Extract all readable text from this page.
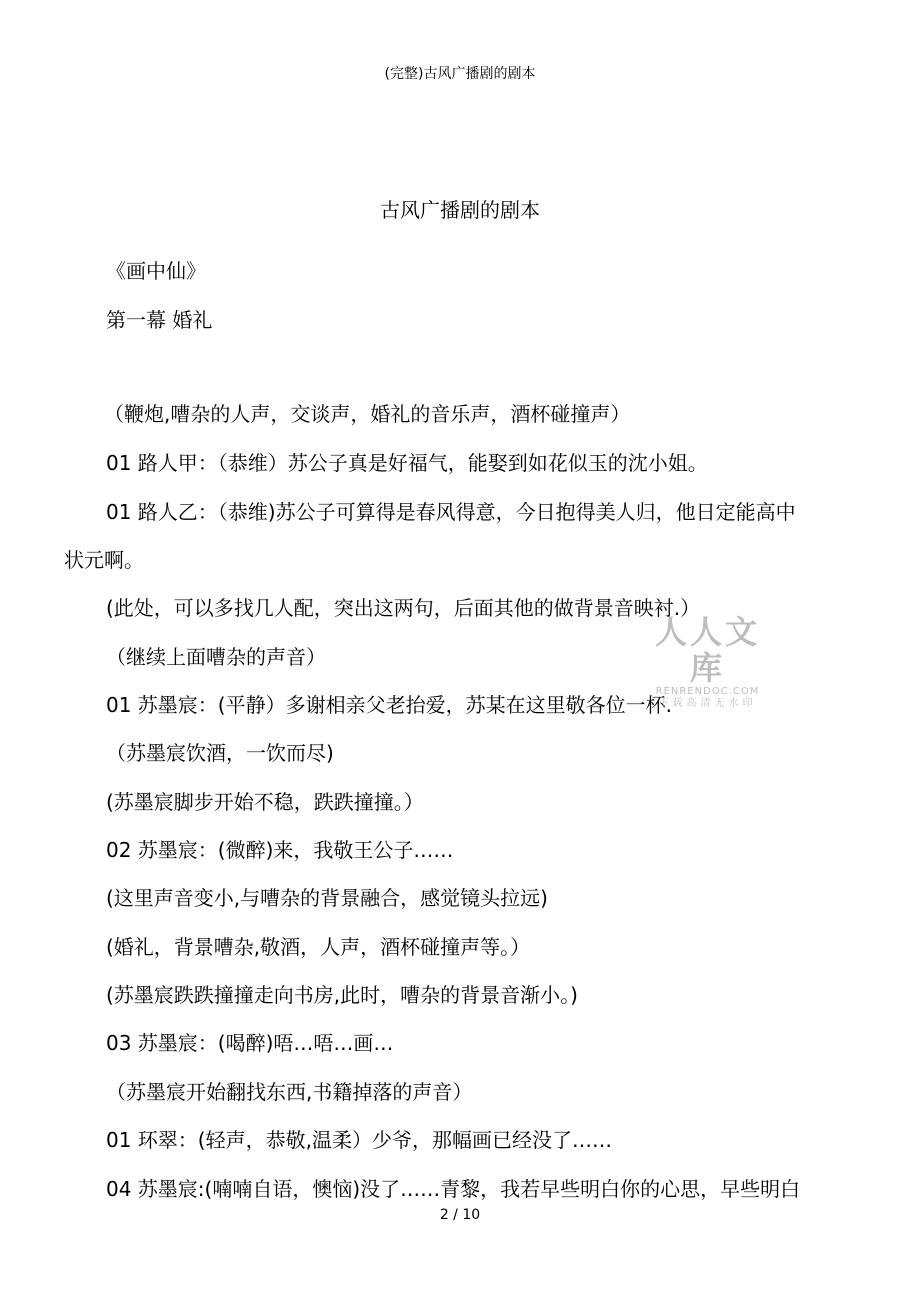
(完整)古风广播剧的剧本
古风广播剧的剧本
《画中仙》
第一幕 婚礼
（鞭炮,嘈杂的人声，交谈声，婚礼的音乐声，酒杯碰撞声）
01 路人甲：（恭维）苏公子真是好福气，能娶到如花似玉的沈小姐。
01 路人乙：（恭维)苏公子可算得是春风得意，今日抱得美人归，他日定能高中
状元啊。
(此处，可以多找几人配，突出这两句，后面其他的做背景音映衬.）
（继续上面嘈杂的声音）
01 苏墨宸：(平静）多谢相亲父老抬爱，苏某在这里敬各位一杯.
（苏墨宸饮酒，一饮而尽)
(苏墨宸脚步开始不稳，跌跌撞撞。）
02 苏墨宸：(微醉)来，我敬王公子……
(这里声音变小,与嘈杂的背景融合，感觉镜头拉远)
(婚礼，背景嘈杂,敬酒，人声，酒杯碰撞声等。）
(苏墨宸跌跌撞撞走向书房,此时，嘈杂的背景音渐小。)
03 苏墨宸：(喝醉)唔…唔…画…
（苏墨宸开始翻找东西,书籍掉落的声音）
01 环翠：(轻声，恭敬,温柔）少爷，那幅画已经没了……
04 苏墨宸:(喃喃自语，懊恼)没了……青黎，我若早些明白你的心思，早些明白
人人文库
RENRENDOC.COM
下载高清无水印
2 / 10
